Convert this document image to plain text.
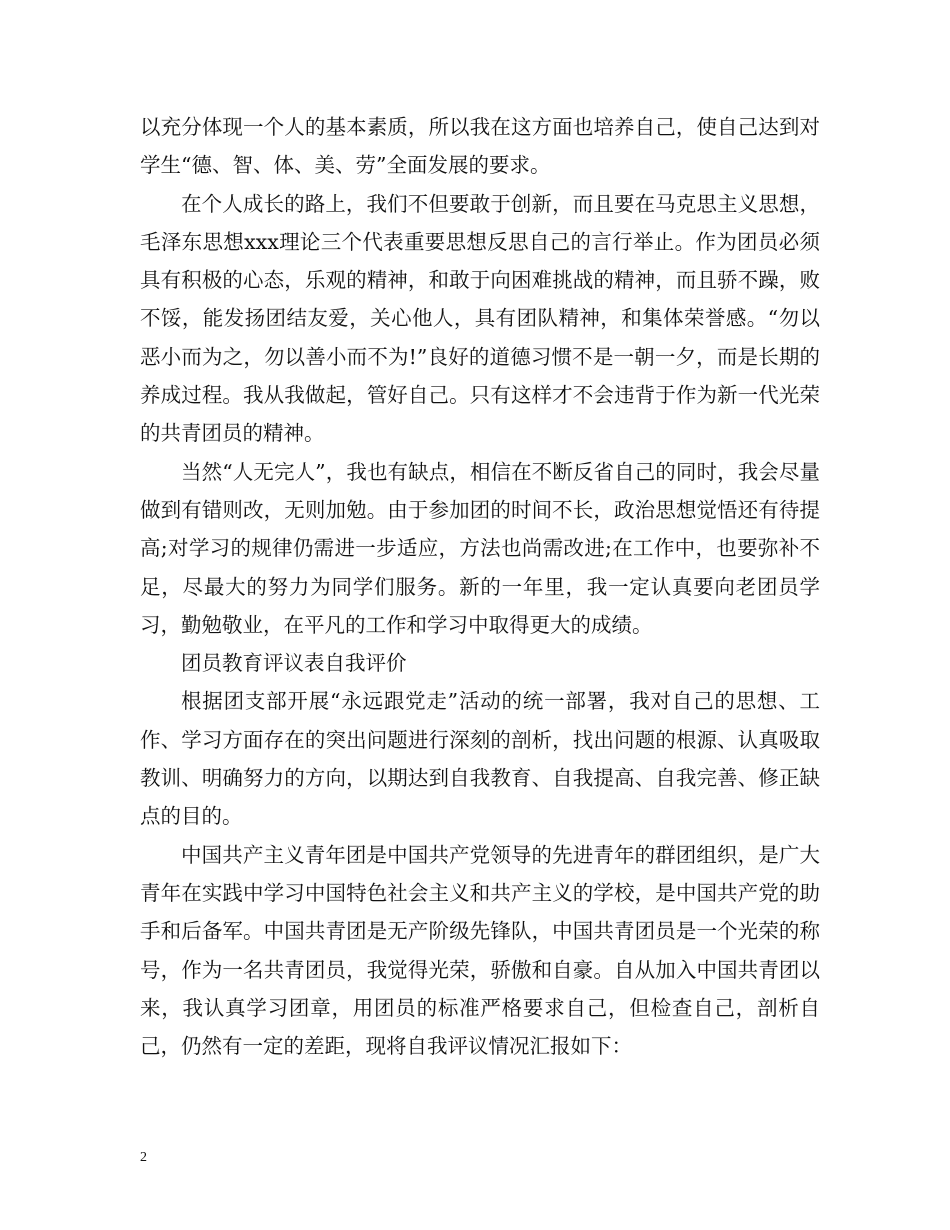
以充分体现一个人的基本素质，所以我在这方面也培养自己，使自己达到对学生“德、智、体、美、劳”全面发展的要求。

在个人成长的路上，我们不但要敢于创新，而且要在马克思主义思想，毛泽东思想xxx理论三个代表重要思想反思自己的言行举止。作为团员必须具有积极的心态，乐观的精神，和敢于向困难挑战的精神，而且骄不躁，败不馁，能发扬团结友爱，关心他人，具有团队精神，和集体荣誉感。“勿以恶小而为之，勿以善小而不为!”良好的道德习惯不是一朝一夕，而是长期的养成过程。我从我做起，管好自己。只有这样才不会违背于作为新一代光荣的共青团员的精神。

当然“人无完人”，我也有缺点，相信在不断反省自己的同时，我会尽量做到有错则改，无则加勉。由于参加团的时间不长，政治思想觉悟还有待提高;对学习的规律仍需进一步适应，方法也尚需改进;在工作中，也要弥补不足，尽最大的努力为同学们服务。新的一年里，我一定认真要向老团员学习，勤勉敬业，在平凡的工作和学习中取得更大的成绩。

团员教育评议表自我评价

根据团支部开展“永远跟党走”活动的统一部署，我对自己的思想、工作、学习方面存在的突出问题进行深刻的剖析，找出问题的根源、认真吸取教训、明确努力的方向，以期达到自我教育、自我提高、自我完善、修正缺点的目的。

中国共产主义青年团是中国共产党领导的先进青年的群团组织，是广大青年在实践中学习中国特色社会主义和共产主义的学校，是中国共产党的助手和后备军。中国共青团是无产阶级先锋队，中国共青团员是一个光荣的称号，作为一名共青团员，我觉得光荣，骄傲和自豪。自从加入中国共青团以来，我认真学习团章，用团员的标准严格要求自己，但检查自己，剖析自己，仍然有一定的差距，现将自我评议情况汇报如下：

2
